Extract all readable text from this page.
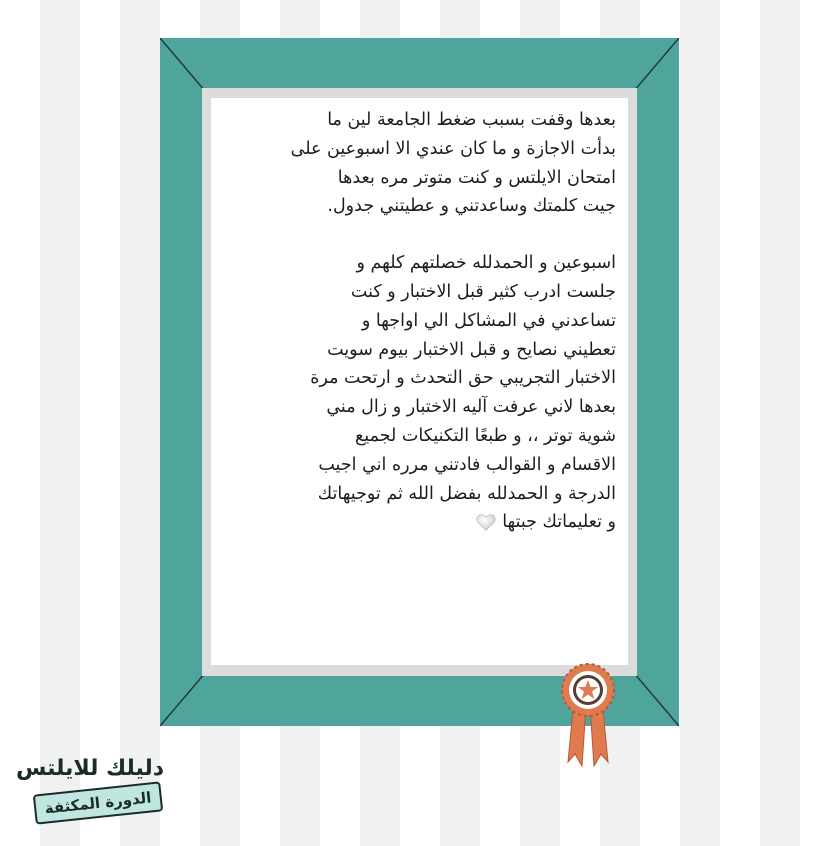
بعدها وقفت بسبب ضغط الجامعة لين ما
بدأت الاجازة و ما كان عندي الا اسبوعين على
امتحان الايلتس و كنت متوتر مره بعدها
جيت كلمتك وساعدتني و عطيتني جدول.

اسبوعين و الحمدلله خصلتهم كلهم و
جلست ادرب كثير قبل الاختبار و كنت
تساعدني في المشاكل الي اواجها و
تعطيني نصايح و قبل الاختبار بيوم سويت
الاختبار التجريبي حق التحدث و ارتحت مرة
بعدها لاني عرفت آليه الاختبار و زال مني
شوية توتر ،، و طبعًا التكنيكات لجميع
الاقسام و القوالب فادتني مرره اني اجيب
الدرجة و الحمدلله بفضل الله ثم توجيهاتك
و تعليماتك جبتها

دليلك للايلتس
الدورة المكثفة
